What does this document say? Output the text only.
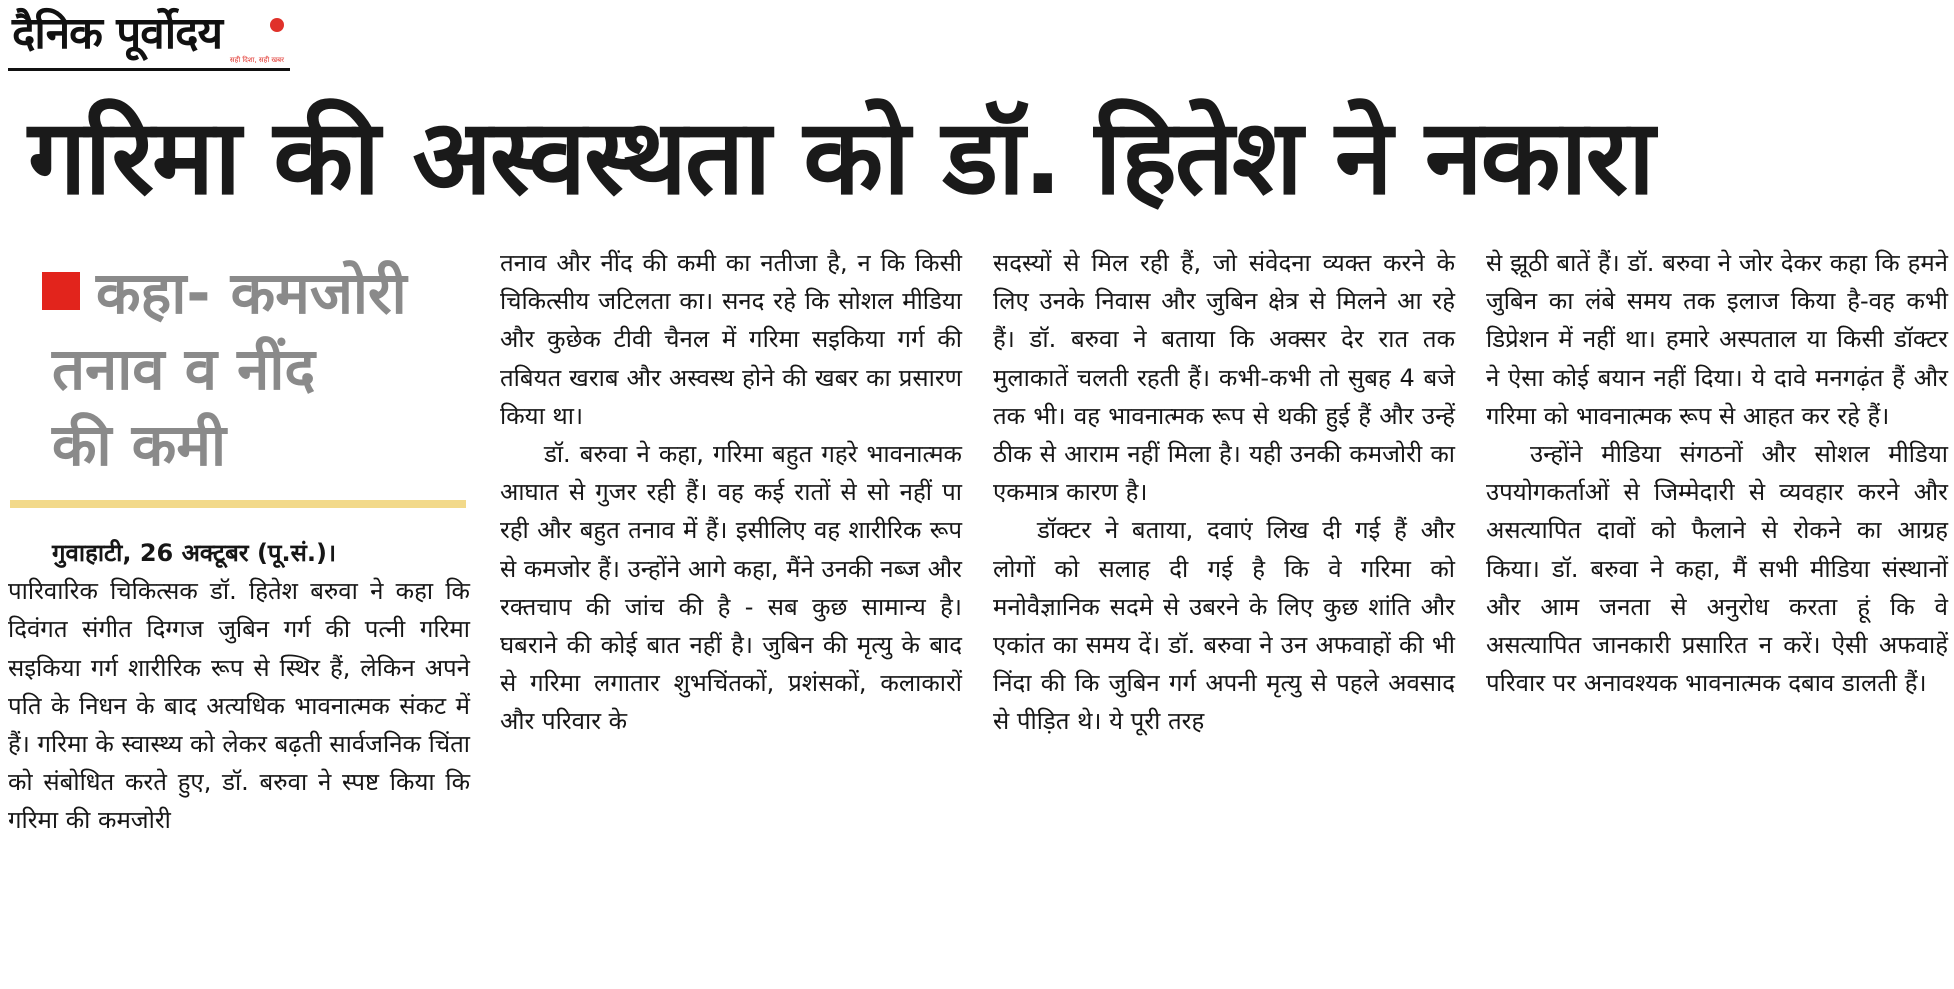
दैनिक पूर्वोदय
सही दिशा, सही खबर
गरिमा की अस्वस्थता को डॉ. हितेश ने नकारा
कहा- कमजोरी
तनाव व नींद
की कमी

गुवाहाटी, 26 अक्टूबर (पू.सं.)।

पारिवारिक चिकित्सक डॉ. हितेश बरुवा ने कहा कि दिवंगत संगीत दिग्गज जुबिन गर्ग की पत्नी गरिमा सइकिया गर्ग शारीरिक रूप से स्थिर हैं, लेकिन अपने पति के निधन के बाद अत्यधिक भावनात्मक संकट में हैं। गरिमा के स्वास्थ्य को लेकर बढ़ती सार्वजनिक चिंता को संबोधित करते हुए, डॉ. बरुवा ने स्पष्ट किया कि गरिमा की कमजोरी

तनाव और नींद की कमी का नतीजा है, न कि किसी चिकित्सीय जटिलता का। सनद रहे कि सोशल मीडिया और कुछेक टीवी चैनल में गरिमा सइकिया गर्ग की तबियत खराब और अस्वस्थ होने की खबर का प्रसारण किया था।

डॉ. बरुवा ने कहा, गरिमा बहुत गहरे भावनात्मक आघात से गुजर रही हैं। वह कई रातों से सो नहीं पा रही और बहुत तनाव में हैं। इसीलिए वह शारीरिक रूप से कमजोर हैं। उन्होंने आगे कहा, मैंने उनकी नब्ज और रक्तचाप की जांच की है - सब कुछ सामान्य है। घबराने की कोई बात नहीं है। जुबिन की मृत्यु के बाद से गरिमा लगातार शुभचिंतकों, प्रशंसकों, कलाकारों और परिवार के

सदस्यों से मिल रही हैं, जो संवेदना व्यक्त करने के लिए उनके निवास और जुबिन क्षेत्र से मिलने आ रहे हैं। डॉ. बरुवा ने बताया कि अक्सर देर रात तक मुलाकातें चलती रहती हैं। कभी-कभी तो सुबह 4 बजे तक भी। वह भावनात्मक रूप से थकी हुई हैं और उन्हें ठीक से आराम नहीं मिला है। यही उनकी कमजोरी का एकमात्र कारण है।

डॉक्टर ने बताया, दवाएं लिख दी गई हैं और लोगों को सलाह दी गई है कि वे गरिमा को मनोवैज्ञानिक सदमे से उबरने के लिए कुछ शांति और एकांत का समय दें। डॉ. बरुवा ने उन अफवाहों की भी निंदा की कि जुबिन गर्ग अपनी मृत्यु से पहले अवसाद से पीड़ित थे। ये पूरी तरह

से झूठी बातें हैं। डॉ. बरुवा ने जोर देकर कहा कि हमने जुबिन का लंबे समय तक इलाज किया है-वह कभी डिप्रेशन में नहीं था। हमारे अस्पताल या किसी डॉक्टर ने ऐसा कोई बयान नहीं दिया। ये दावे मनगढ़ंत हैं और गरिमा को भावनात्मक रूप से आहत कर रहे हैं।

उन्होंने मीडिया संगठनों और सोशल मीडिया उपयोगकर्ताओं से जिम्मेदारी से व्यवहार करने और असत्यापित दावों को फैलाने से रोकने का आग्रह किया। डॉ. बरुवा ने कहा, मैं सभी मीडिया संस्थानों और आम जनता से अनुरोध करता हूं कि वे असत्यापित जानकारी प्रसारित न करें। ऐसी अफवाहें परिवार पर अनावश्यक भावनात्मक दबाव डालती हैं।
